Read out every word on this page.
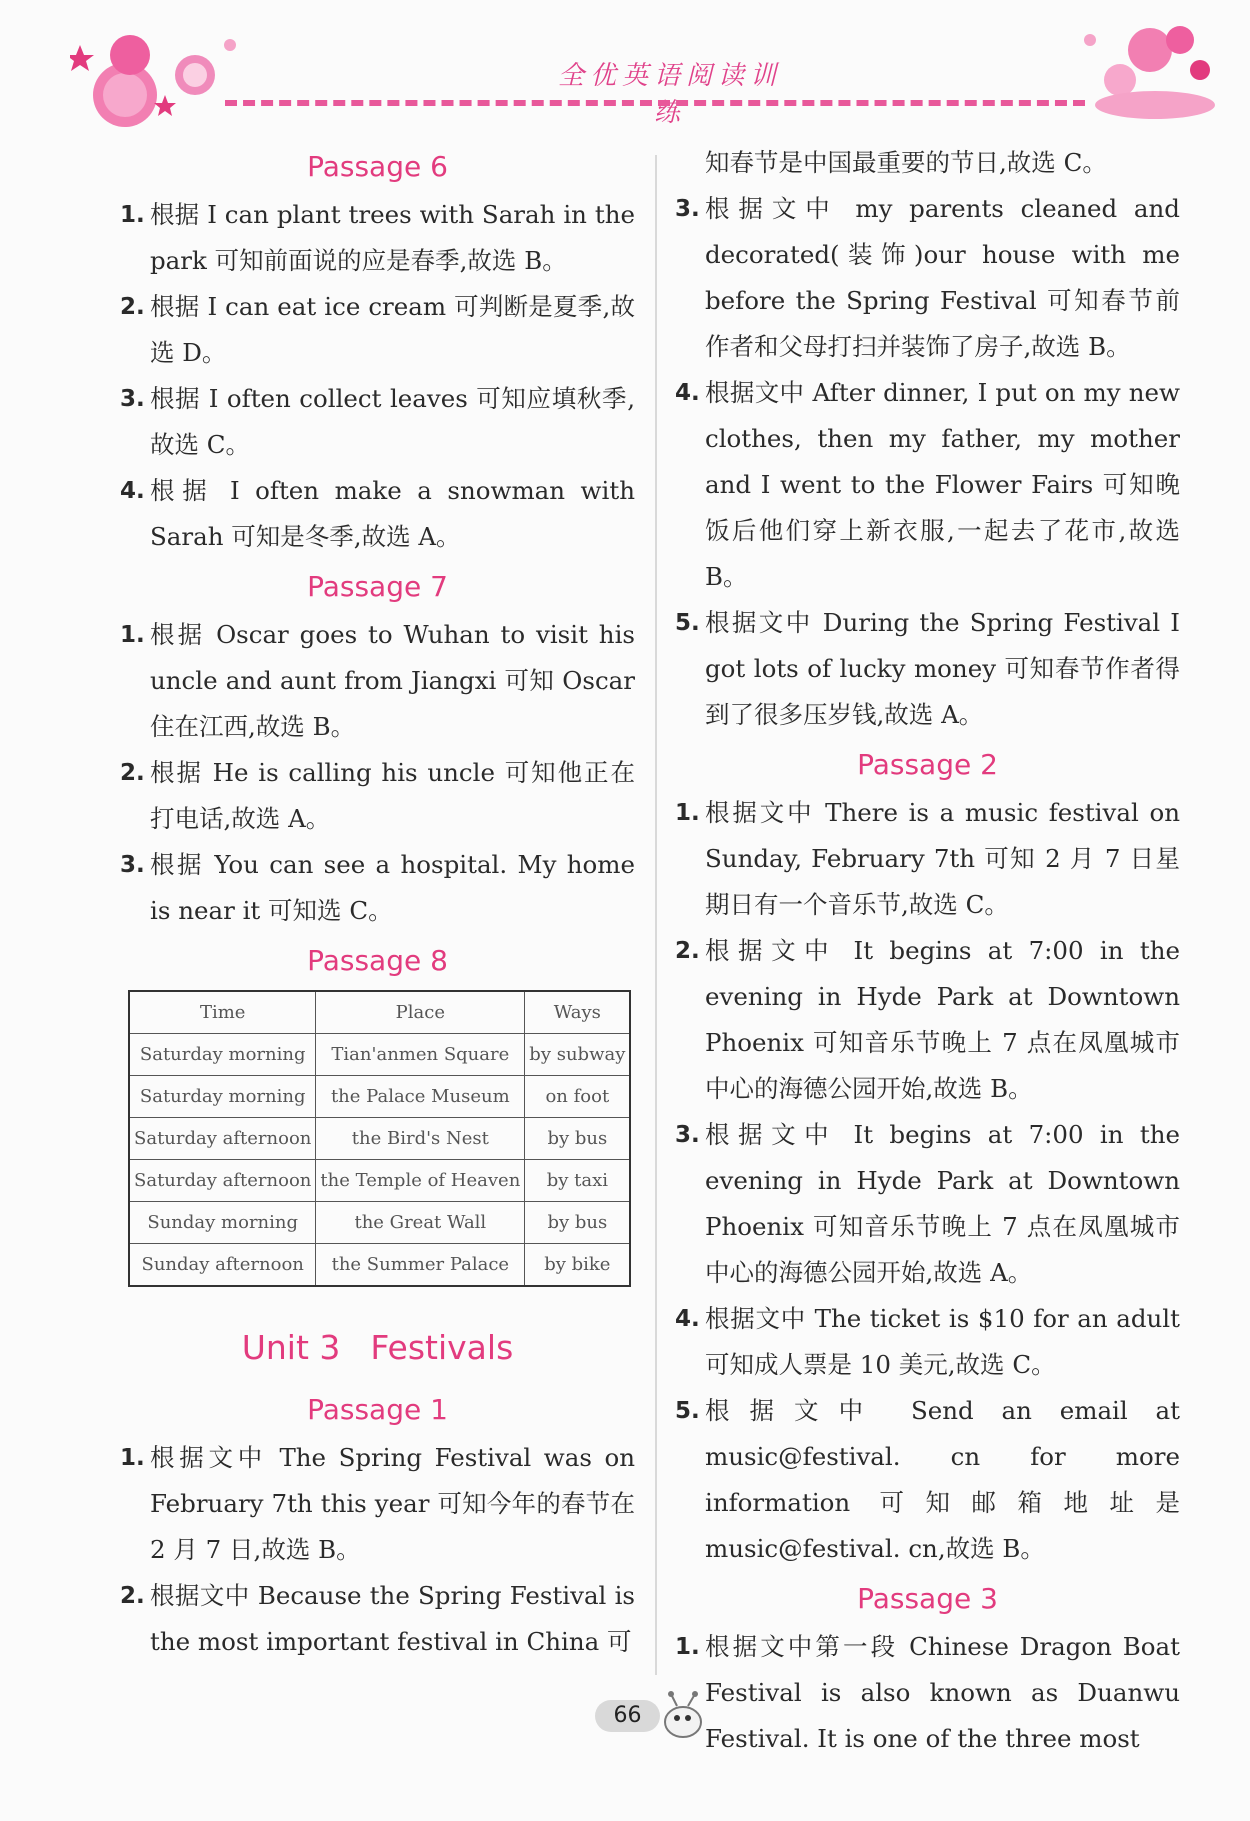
全优英语阅读训练
Passage 6
1. 根据 I can plant trees with Sarah in the park 可知前面说的应是春季,故选 B。
2. 根据 I can eat ice cream 可判断是夏季,故选 D。
3. 根据 I often collect leaves 可知应填秋季,故选 C。
4. 根据 I often make a snowman with Sarah 可知是冬季,故选 A。
Passage 7
1. 根据 Oscar goes to Wuhan to visit his uncle and aunt from Jiangxi 可知 Oscar 住在江西,故选 B。
2. 根据 He is calling his uncle 可知他正在打电话,故选 A。
3. 根据 You can see a hospital. My home is near it 可知选 C。
Passage 8
Time	Place	Ways
Saturday morning	Tian'anmen Square	by subway
Saturday morning	the Palace Museum	on foot
Saturday afternoon	the Bird's Nest	by bus
Saturday afternoon	the Temple of Heaven	by taxi
Sunday morning	the Great Wall	by bus
Sunday afternoon	the Summer Palace	by bike
Unit 3 Festivals
Passage 1
1. 根据文中 The Spring Festival was on February 7th this year 可知今年的春节在 2 月 7 日,故选 B。
2. 根据文中 Because the Spring Festival is the most important festival in China 可
知春节是中国最重要的节日,故选 C。
3. 根据文中 my parents cleaned and decorated(装饰)our house with me before the Spring Festival 可知春节前作者和父母打扫并装饰了房子,故选 B。
4. 根据文中 After dinner, I put on my new clothes, then my father, my mother and I went to the Flower Fairs 可知晚饭后他们穿上新衣服,一起去了花市,故选 B。
5. 根据文中 During the Spring Festival I got lots of lucky money 可知春节作者得到了很多压岁钱,故选 A。
Passage 2
1. 根据文中 There is a music festival on Sunday, February 7th 可知 2 月 7 日星期日有一个音乐节,故选 C。
2. 根据文中 It begins at 7:00 in the evening in Hyde Park at Downtown Phoenix 可知音乐节晚上 7 点在凤凰城市中心的海德公园开始,故选 B。
3. 根据文中 It begins at 7:00 in the evening in Hyde Park at Downtown Phoenix 可知音乐节晚上 7 点在凤凰城市中心的海德公园开始,故选 A。
4. 根据文中 The ticket is $10 for an adult 可知成人票是 10 美元,故选 C。
5. 根据文中 Send an email at music@festival. cn for more information 可知邮箱地址是 music@festival. cn,故选 B。
Passage 3
1. 根据文中第一段 Chinese Dragon Boat Festival is also known as Duanwu Festival. It is one of the three most
66
